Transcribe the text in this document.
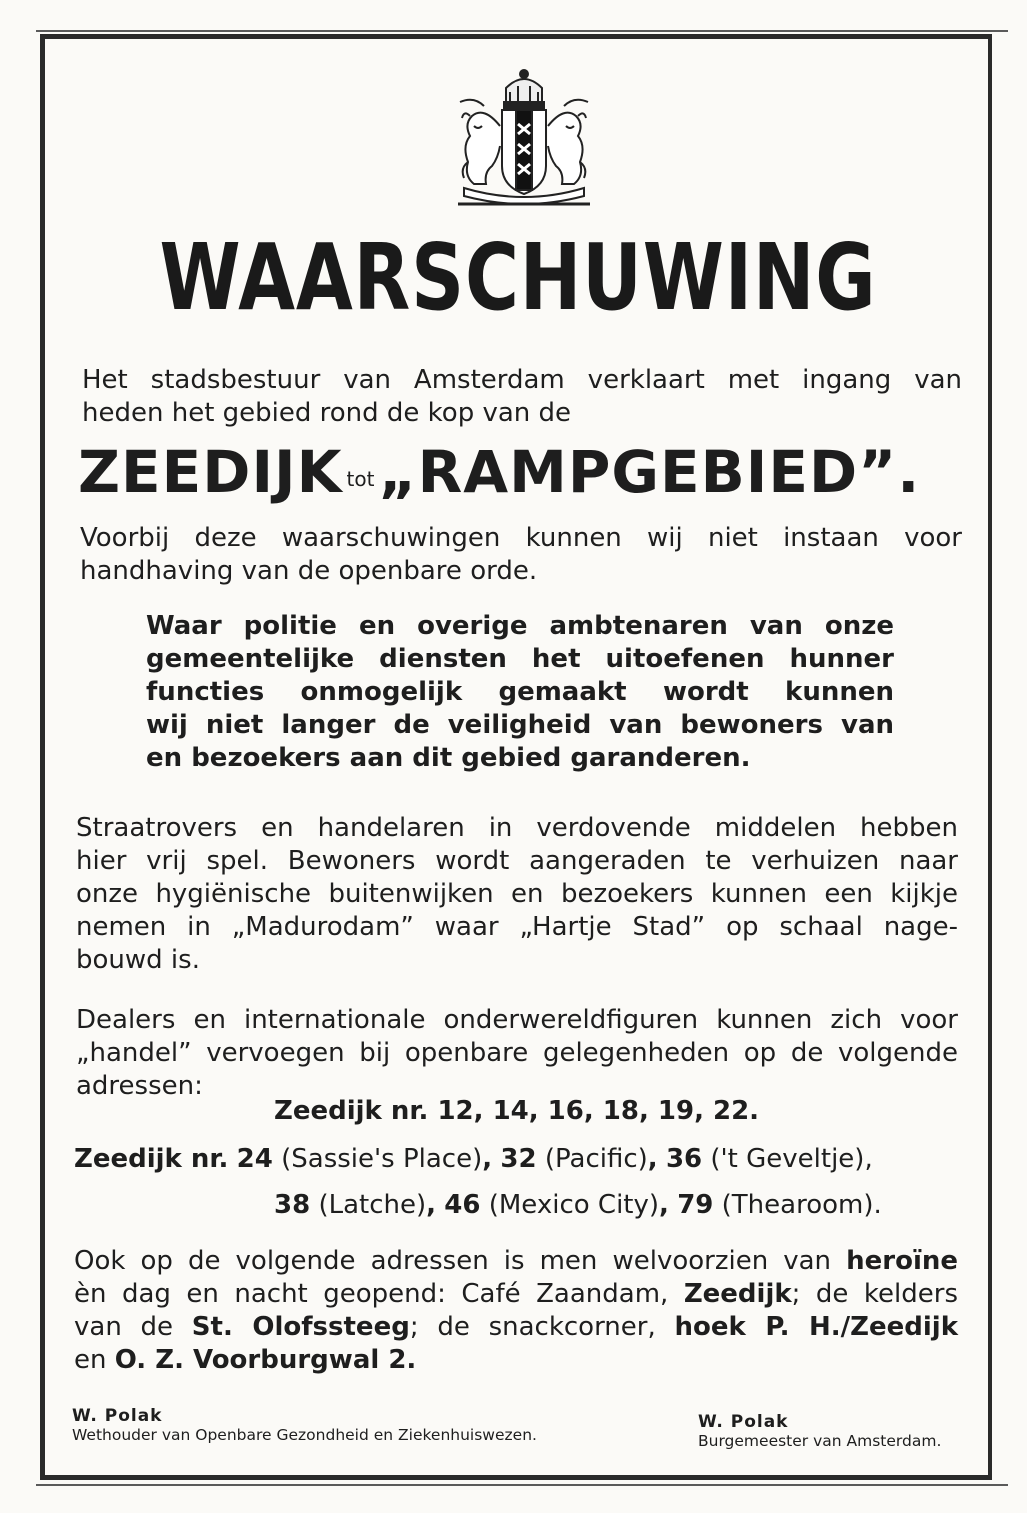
WAARSCHUWING
Het stadsbestuur van Amsterdam verklaart met ingang van
heden het gebied rond de kop van de
ZEEDIJK tot„RAMPGEBIED”.
Voorbij deze waarschuwingen kunnen wij niet instaan voor
handhaving van de openbare orde.
Waar politie en overige ambtenaren van onze
gemeentelijke diensten het uitoefenen hunner
functies onmogelijk gemaakt wordt kunnen
wij niet langer de veiligheid van bewoners van
en bezoekers aan dit gebied garanderen.
Straatrovers en handelaren in verdovende middelen hebben
hier vrij spel. Bewoners wordt aangeraden te verhuizen naar
onze hygiënische buitenwijken en bezoekers kunnen een kijkje
nemen in „Madurodam” waar „Hartje Stad” op schaal nage-
bouwd is.
Dealers en internationale onderwereldfiguren kunnen zich voor
„handel” vervoegen bij openbare gelegenheden op de volgende
adressen:
Zeedijk nr. 12, 14, 16, 18, 19, 22.
Zeedijk nr. 24 (Sassie's Place), 32 (Pacific), 36 ('t Geveltje),
38 (Latche), 46 (Mexico City), 79 (Thearoom).
Ook op de volgende adressen is men welvoorzien van heroïne
èn dag en nacht geopend: Café Zaandam, Zeedijk; de kelders
van de St. Olofssteeg; de snackcorner, hoek P. H./Zeedijk
en O. Z. Voorburgwal 2.
W. Polak
Wethouder van Openbare Gezondheid en Ziekenhuiswezen.
W. Polak
Burgemeester van Amsterdam.
